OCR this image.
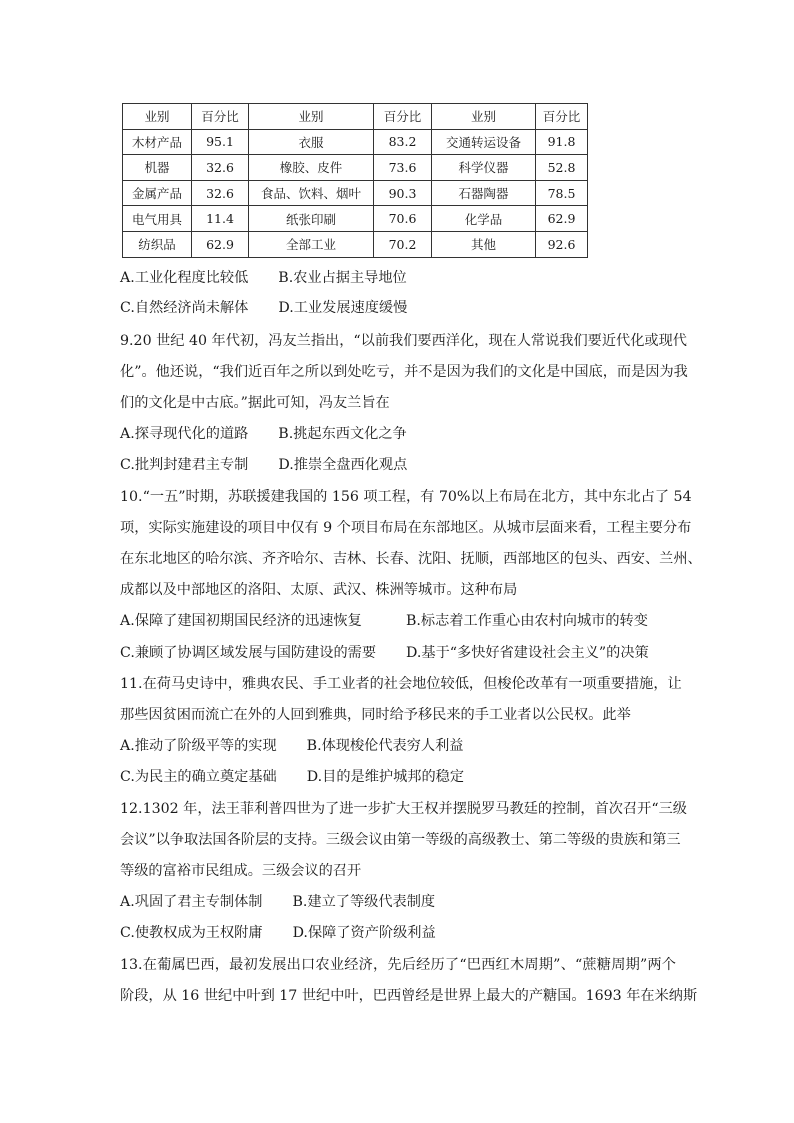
业别	百分比	业别	百分比	业别	百分比
木材产品	95.1	衣服	83.2	交通转运设备	91.8
机器	32.6	橡胶、皮件	73.6	科学仪器	52.8
金属产品	32.6	食品、饮料、烟叶	90.3	石器陶器	78.5
电气用具	11.4	纸张印刷	70.6	化学品	62.9
纺织品	62.9	全部工业	70.2	其他	92.6
A.工业化程度比较低 B.农业占据主导地位
C.自然经济尚未解体 D.工业发展速度缓慢
9.20 世纪 40 年代初，冯友兰指出，“以前我们要西洋化，现在人常说我们要近代化或现代
化”。他还说，“我们近百年之所以到处吃亏，并不是因为我们的文化是中国底，而是因为我
们的文化是中古底。”据此可知，冯友兰旨在
A.探寻现代化的道路 B.挑起东西文化之争
C.批判封建君主专制 D.推崇全盘西化观点
10.“一五”时期，苏联援建我国的 156 项工程，有 70%以上布局在北方，其中东北占了 54
项，实际实施建设的项目中仅有 9 个项目布局在东部地区。从城市层面来看，工程主要分布
在东北地区的哈尔滨、齐齐哈尔、吉林、长春、沈阳、抚顺，西部地区的包头、西安、兰州、
成都以及中部地区的洛阳、太原、武汉、株洲等城市。这种布局
A.保障了建国初期国民经济的迅速恢复	B.标志着工作重心由农村向城市的转变
C.兼顾了协调区域发展与国防建设的需要 D.基于“多快好省建设社会主义”的决策
11.在荷马史诗中，雅典农民、手工业者的社会地位较低，但梭伦改革有一项重要措施，让
那些因贫困而流亡在外的人回到雅典，同时给予移民来的手工业者以公民权。此举
A.推动了阶级平等的实现 B.体现梭伦代表穷人利益
C.为民主的确立奠定基础 D.目的是维护城邦的稳定
12.1302 年，法王菲利普四世为了进一步扩大王权并摆脱罗马教廷的控制，首次召开“三级
会议”以争取法国各阶层的支持。三级会议由第一等级的高级教士、第二等级的贵族和第三
等级的富裕市民组成。三级会议的召开
A.巩固了君主专制体制 B.建立了等级代表制度
C.使教权成为王权附庸 D.保障了资产阶级利益
13.在葡属巴西，最初发展出口农业经济，先后经历了“巴西红木周期”、“蔗糖周期”两个
阶段，从 16 世纪中叶到 17 世纪中叶，巴西曾经是世界上最大的产糖国。1693 年在米纳斯
